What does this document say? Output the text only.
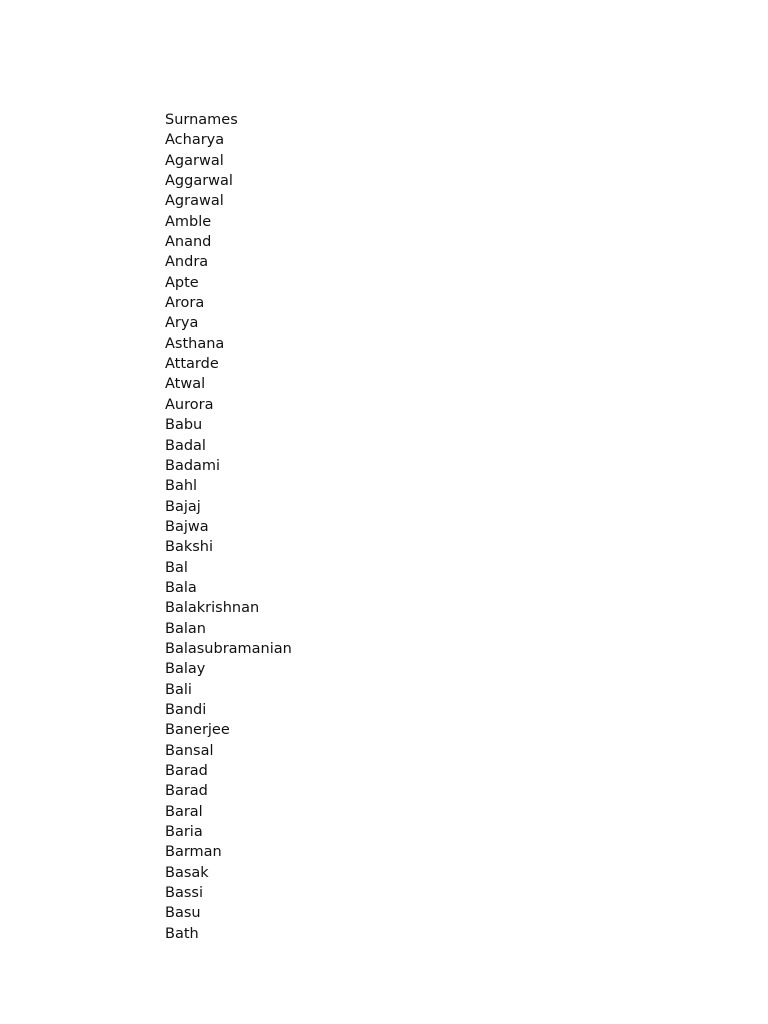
Surnames
Acharya
Agarwal
Aggarwal
Agrawal
Amble
Anand
Andra
Apte
Arora
Arya
Asthana
Attarde
Atwal
Aurora
Babu
Badal
Badami
Bahl
Bajaj
Bajwa
Bakshi
Bal
Bala
Balakrishnan
Balan
Balasubramanian
Balay
Bali
Bandi
Banerjee
Bansal
Barad
Barad
Baral
Baria
Barman
Basak
Bassi
Basu
Bath
